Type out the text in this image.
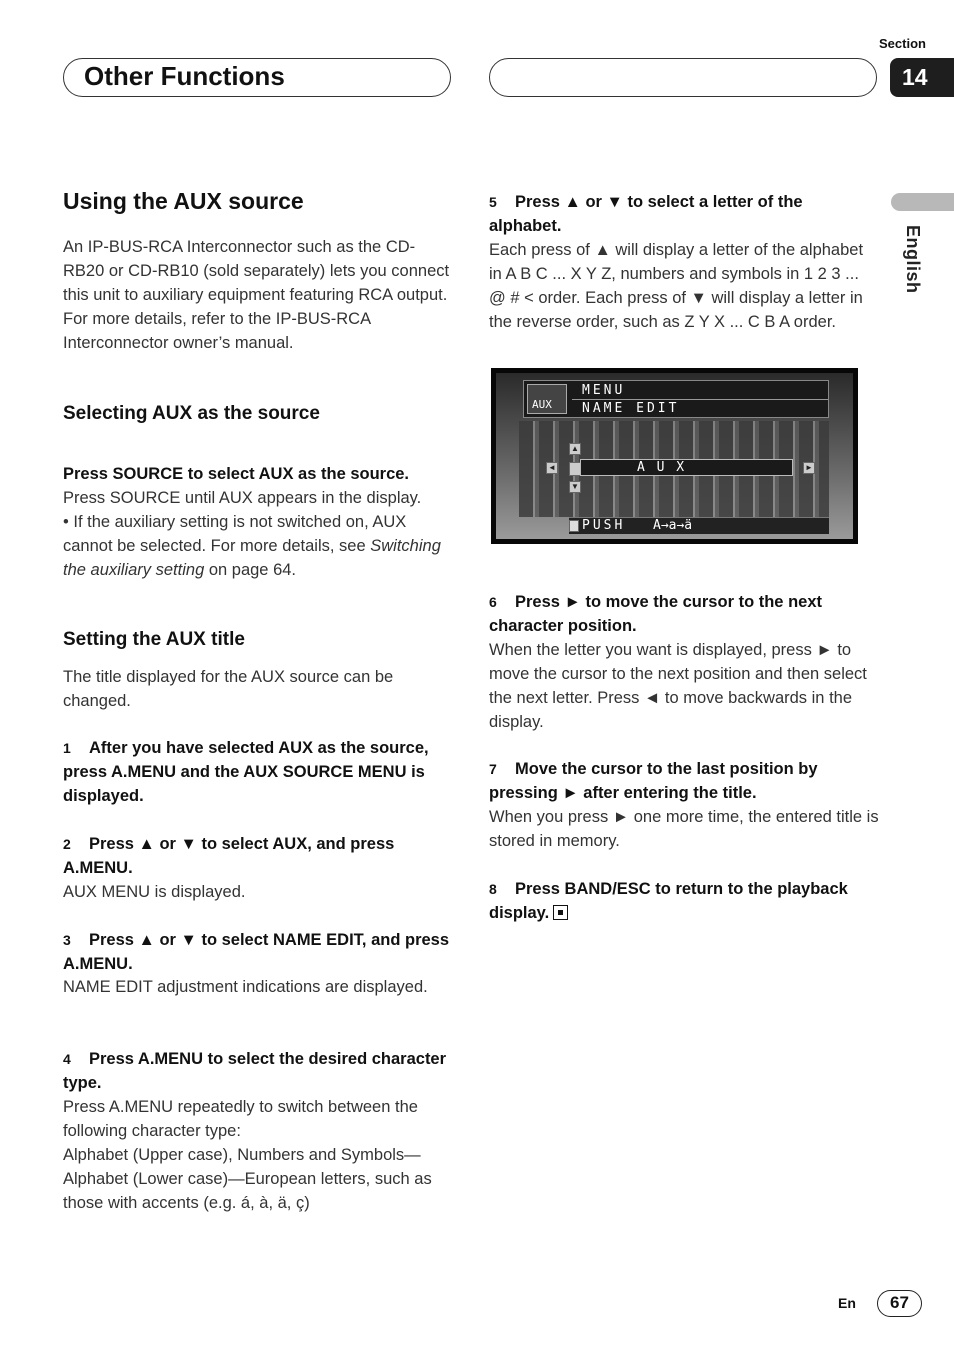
Section
Other Functions	14
English
Using the AUX source
An IP-BUS-RCA Interconnector such as the CD-RB20 or CD-RB10 (sold separately) lets you connect this unit to auxiliary equipment featuring RCA output. For more details, refer to the IP-BUS-RCA Interconnector owner’s manual.
Selecting AUX as the source
Press SOURCE to select AUX as the source.
Press SOURCE until AUX appears in the display.
• If the auxiliary setting is not switched on, AUX cannot be selected. For more details, see Switching the auxiliary setting on page 64.
Setting the AUX title
The title displayed for the AUX source can be changed.
1 After you have selected AUX as the source, press A.MENU and the AUX SOURCE MENU is displayed.
2 Press ▲ or ▼ to select AUX, and press A.MENU.
AUX MENU is displayed.
3 Press ▲ or ▼ to select NAME EDIT, and press A.MENU.
NAME EDIT adjustment indications are displayed.
4 Press A.MENU to select the desired character type.
Press A.MENU repeatedly to switch between the following character type:
Alphabet (Upper case), Numbers and Symbols—Alphabet (Lower case)—European letters, such as those with accents (e.g. á, à, ä, ç)
5 Press ▲ or ▼ to select a letter of the alphabet.
Each press of ▲ will display a letter of the alphabet in A B C ... X Y Z, numbers and symbols in 1 2 3 ... @ # < order. Each press of ▼ will display a letter in the reverse order, such as Z Y X ... C B A order.
6 Press ► to move the cursor to the next character position.
When the letter you want is displayed, press ► to move the cursor to the next position and then select the next letter. Press ◄ to move backwards in the display.
7 Move the cursor to the last position by pressing ► after entering the title.
When you press ► one more time, the entered title is stored in memory.
8 Press BAND/ESC to return to the playback display.
AUX
MENU
NAME EDIT
▲
◄
▼
A U X	►
PUSH A→a→ä
En	67
